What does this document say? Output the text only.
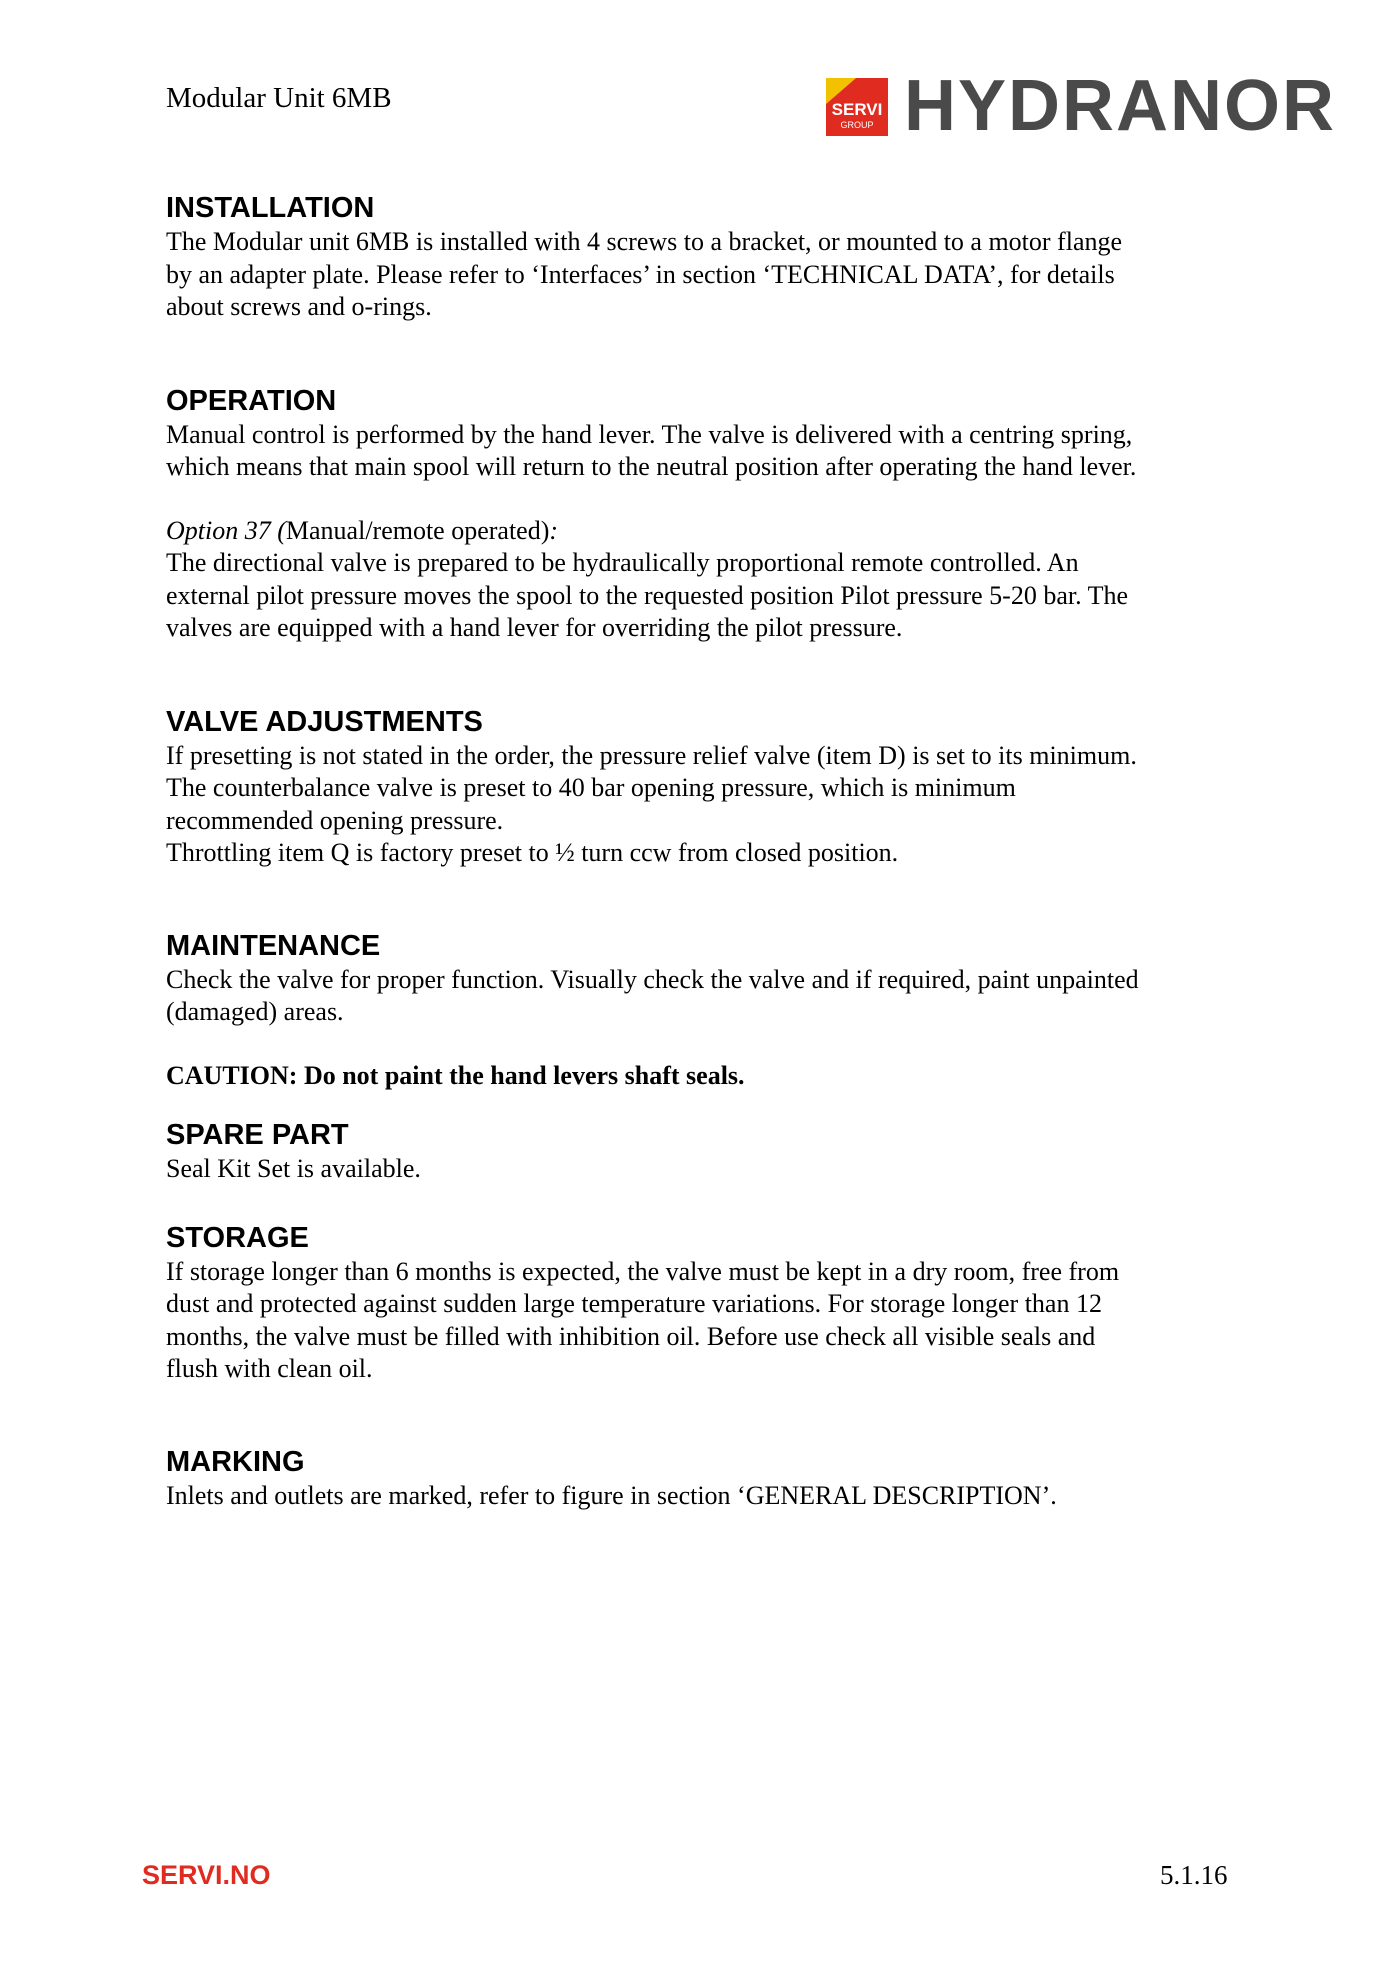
Modular Unit 6MB	SERVI
GROUP HYDRANOR
INSTALLATION

The Modular unit 6MB is installed with 4 screws to a bracket, or mounted to a motor flange

by an adapter plate. Please refer to ‘Interfaces’ in section ‘TECHNICAL DATA’, for details

about screws and o-rings.

OPERATION

Manual control is performed by the hand lever. The valve is delivered with a centring spring,

which means that main spool will return to the neutral position after operating the hand lever.

Option 37 (Manual/remote operated):

The directional valve is prepared to be hydraulically proportional remote controlled. An

external pilot pressure moves the spool to the requested position Pilot pressure 5-20 bar. The

valves are equipped with a hand lever for overriding the pilot pressure.

VALVE ADJUSTMENTS

If presetting is not stated in the order, the pressure relief valve (item D) is set to its minimum.

The counterbalance valve is preset to 40 bar opening pressure, which is minimum

recommended opening pressure.

Throttling item Q is factory preset to ½ turn ccw from closed position.

MAINTENANCE

Check the valve for proper function. Visually check the valve and if required, paint unpainted

(damaged) areas.

CAUTION: Do not paint the hand levers shaft seals.

SPARE PART

Seal Kit Set is available.

STORAGE

If storage longer than 6 months is expected, the valve must be kept in a dry room, free from

dust and protected against sudden large temperature variations. For storage longer than 12

months, the valve must be filled with inhibition oil. Before use check all visible seals and

flush with clean oil.

MARKING

Inlets and outlets are marked, refer to figure in section ‘GENERAL DESCRIPTION’.

SERVI.NO	5.1.16
